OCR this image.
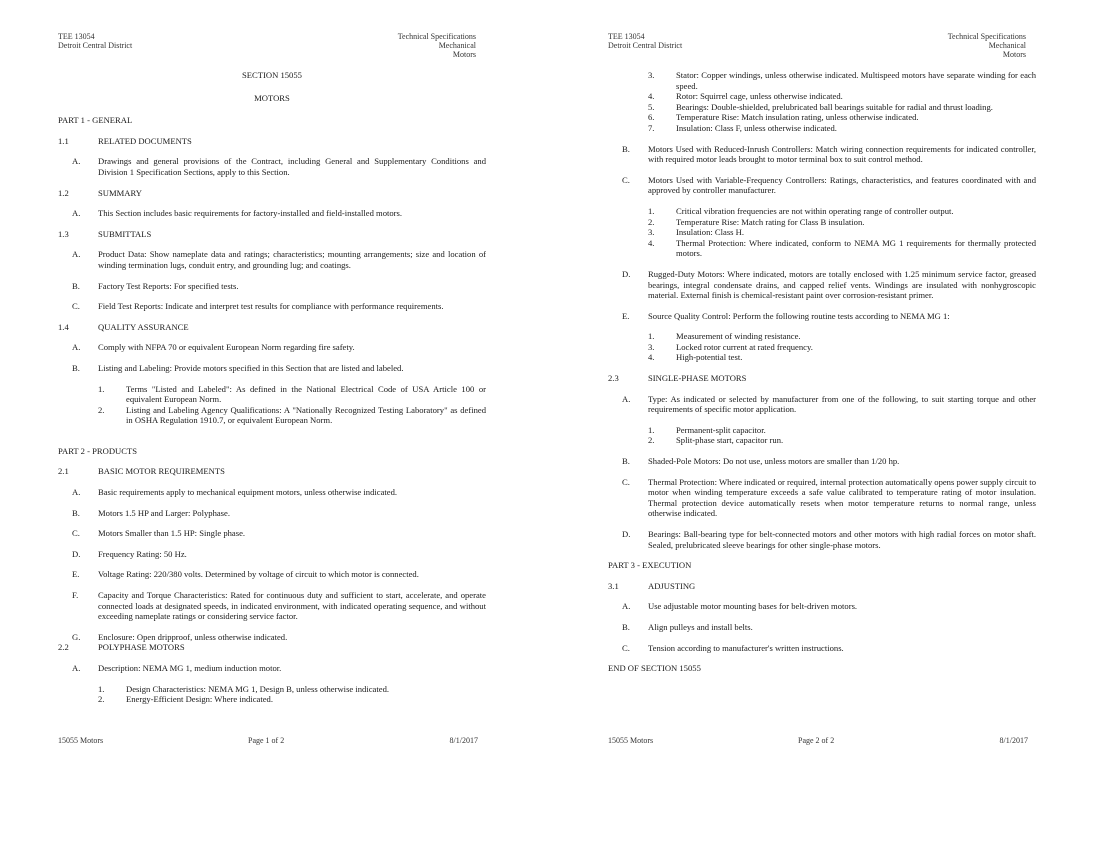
TEE 13054
Detroit Central District
Technical Specifications
Mechanical
Motors
SECTION 15055
MOTORS
PART 1 - GENERAL
1.1	RELATED DOCUMENTS
A. Drawings and general provisions of the Contract, including General and Supplementary Conditions and Division 1 Specification Sections, apply to this Section.
1.2	SUMMARY
A. This Section includes basic requirements for factory-installed and field-installed motors.
1.3	SUBMITTALS
A. Product Data: Show nameplate data and ratings; characteristics; mounting arrangements; size and location of winding termination lugs, conduit entry, and grounding lug; and coatings.
B. Factory Test Reports: For specified tests.
C. Field Test Reports: Indicate and interpret test results for compliance with performance requirements.
1.4	QUALITY ASSURANCE
A. Comply with NFPA 70 or equivalent European Norm regarding fire safety.
B. Listing and Labeling: Provide motors specified in this Section that are listed and labeled.
1.	Terms "Listed and Labeled": As defined in the National Electrical Code of USA Article 100 or equivalent European Norm.
2.	Listing and Labeling Agency Qualifications: A "Nationally Recognized Testing Laboratory" as defined in OSHA Regulation 1910.7, or equivalent European Norm.
PART 2 - PRODUCTS
2.1	BASIC MOTOR REQUIREMENTS
A. Basic requirements apply to mechanical equipment motors, unless otherwise indicated.
B. Motors 1.5 HP and Larger: Polyphase.
C. Motors Smaller than 1.5 HP: Single phase.
D. Frequency Rating: 50 Hz.
E. Voltage Rating: 220/380 volts. Determined by voltage of circuit to which motor is connected.
F. Capacity and Torque Characteristics: Rated for continuous duty and sufficient to start, accelerate, and operate connected loads at designated speeds, in indicated environment, with indicated operating sequence, and without exceeding nameplate ratings or considering service factor.
G. Enclosure: Open dripproof, unless otherwise indicated.
2.2	POLYPHASE MOTORS
A. Description: NEMA MG 1, medium induction motor.
1.	Design Characteristics: NEMA MG 1, Design B, unless otherwise indicated.
2.	Energy-Efficient Design: Where indicated.
15055 Motors	Page 1 of 2	8/1/2017
TEE 13054
Detroit Central District
Technical Specifications
Mechanical
Motors
3.	Stator: Copper windings, unless otherwise indicated. Multispeed motors have separate winding for each speed.
4.	Rotor: Squirrel cage, unless otherwise indicated.
5.	Bearings: Double-shielded, prelubricated ball bearings suitable for radial and thrust loading.
6.	Temperature Rise: Match insulation rating, unless otherwise indicated.
7.	Insulation: Class F, unless otherwise indicated.
B. Motors Used with Reduced-Inrush Controllers: Match wiring connection requirements for indicated controller, with required motor leads brought to motor terminal box to suit control method.
C. Motors Used with Variable-Frequency Controllers: Ratings, characteristics, and features coordinated with and approved by controller manufacturer.
1.	Critical vibration frequencies are not within operating range of controller output.
2.	Temperature Rise: Match rating for Class B insulation.
3.	Insulation: Class H.
4.	Thermal Protection: Where indicated, conform to NEMA MG 1 requirements for thermally protected motors.
D. Rugged-Duty Motors: Where indicated, motors are totally enclosed with 1.25 minimum service factor, greased bearings, integral condensate drains, and capped relief vents. Windings are insulated with nonhygroscopic material. External finish is chemical-resistant paint over corrosion-resistant primer.
E. Source Quality Control: Perform the following routine tests according to NEMA MG 1:
1.	Measurement of winding resistance.
3.	Locked rotor current at rated frequency.
4.	High-potential test.
2.3	SINGLE-PHASE MOTORS
A. Type: As indicated or selected by manufacturer from one of the following, to suit starting torque and other requirements of specific motor application.
1.	Permanent-split capacitor.
2.	Split-phase start, capacitor run.
B. Shaded-Pole Motors: Do not use, unless motors are smaller than 1/20 hp.
C. Thermal Protection: Where indicated or required, internal protection automatically opens power supply circuit to motor when winding temperature exceeds a safe value calibrated to temperature rating of motor insulation. Thermal protection device automatically resets when motor temperature returns to normal range, unless otherwise indicated.
D. Bearings: Ball-bearing type for belt-connected motors and other motors with high radial forces on motor shaft. Sealed, prelubricated sleeve bearings for other single-phase motors.
PART 3 - EXECUTION
3.1	ADJUSTING
A. Use adjustable motor mounting bases for belt-driven motors.
B. Align pulleys and install belts.
C. Tension according to manufacturer's written instructions.
END OF SECTION 15055
15055 Motors	Page 2 of 2	8/1/2017
